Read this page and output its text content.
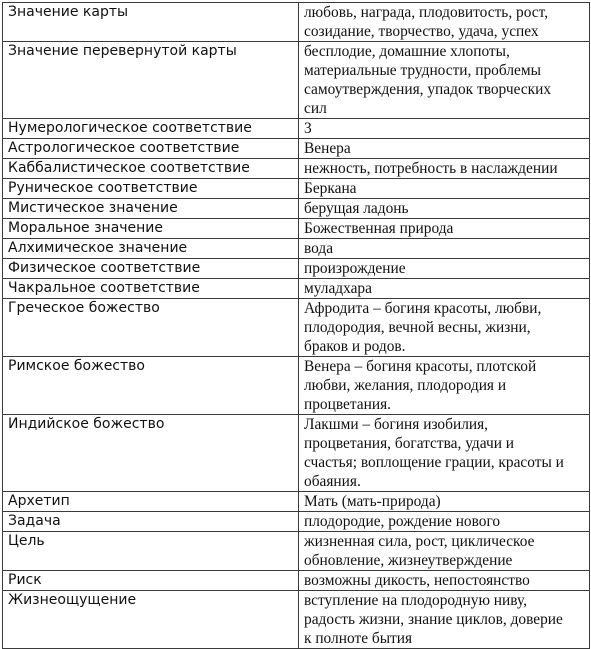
Значение карты	любовь, награда, плодовитость, рост,
созидание, творчество, удача, успех
Значение перевернутой карты	бесплодие, домашние хлопоты,
материальные трудности, проблемы
самоутверждения, упадок творческих
сил
Нумерологическое соответствие	3
Астрологическое соответствие	Венера
Каббалистическое соответствие	нежность, потребность в наслаждении
Руническое соответствие	Беркана
Мистическое значение	берущая ладонь
Моральное значение	Божественная природа
Алхимическое значение	вода
Физическое соответствие	произрождение
Чакральное соответствие	муладхара
Греческое божество	Афродита – богиня красоты, любви,
плодородия, вечной весны, жизни,
браков и родов.
Римское божество	Венера – богиня красоты, плотской
любви, желания, плодородия и
процветания.
Индийское божество	Лакшми – богиня изобилия,
процветания, богатства, удачи и
счастья; воплощение грации, красоты и
обаяния.
Архетип	Мать (мать-природа)
Задача	плодородие, рождение нового
Цель	жизненная сила, рост, циклическое
обновление, жизнеутверждение
Риск	возможны дикость, непостоянство
Жизнеощущение	вступление на плодородную ниву,
радость жизни, знание циклов, доверие
к полноте бытия
